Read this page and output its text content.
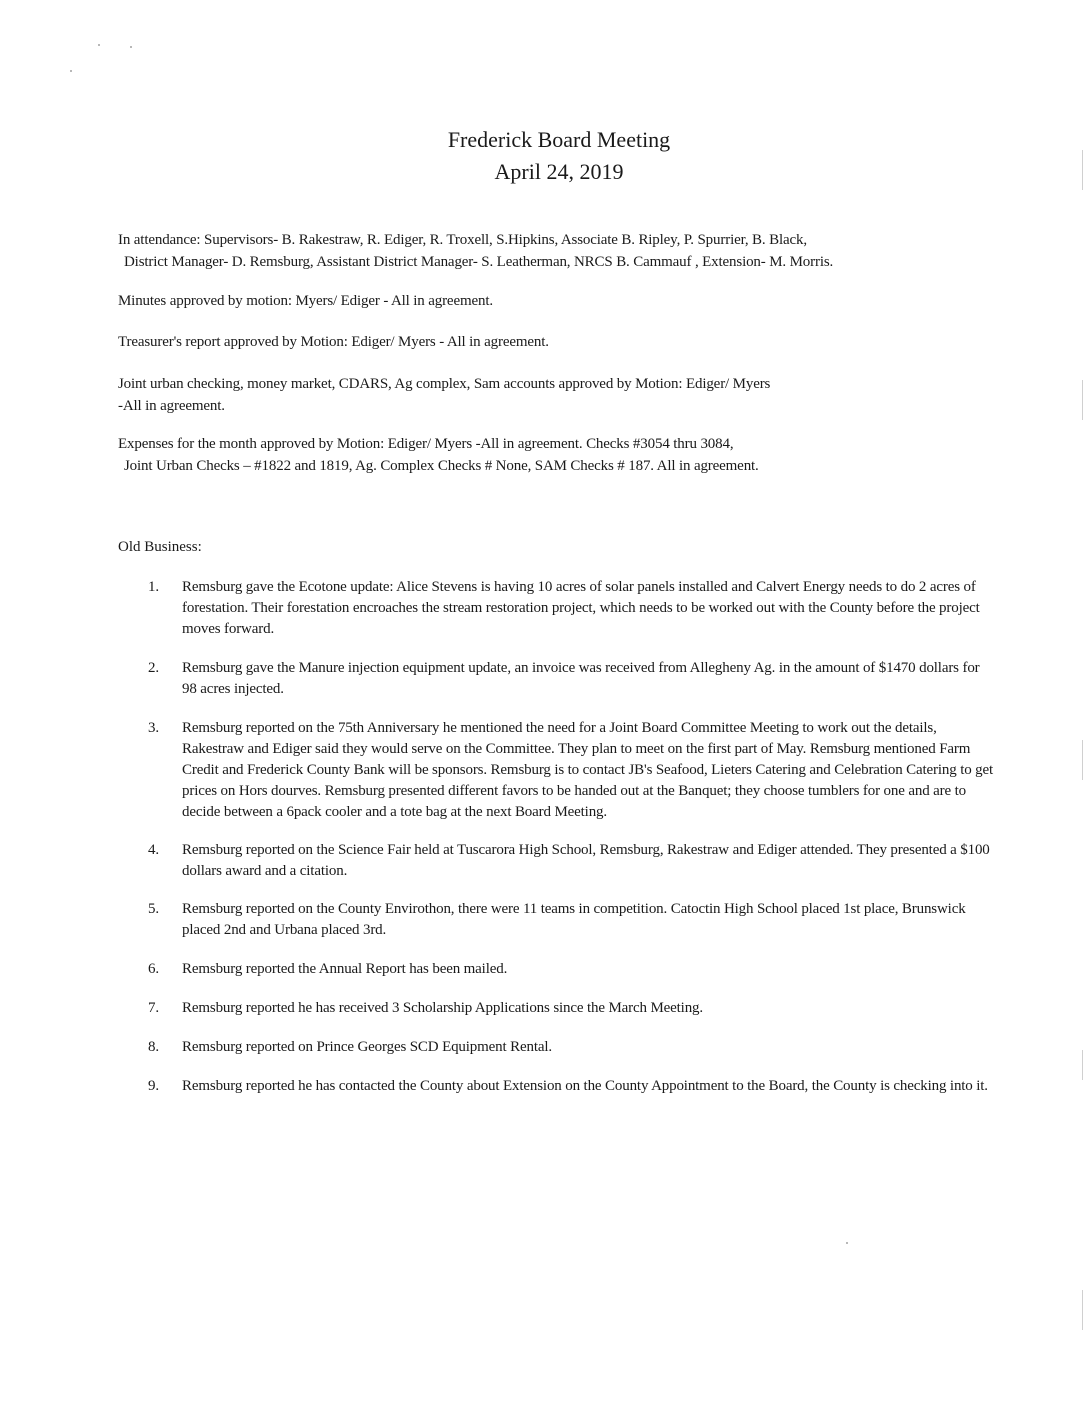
Frederick Board Meeting
April 24, 2019
In attendance: Supervisors- B. Rakestraw, R. Ediger, R. Troxell, S.Hipkins, Associate B. Ripley, P. Spurrier, B. Black,
District Manager- D. Remsburg, Assistant District Manager- S. Leatherman, NRCS B. Cammauf , Extension- M. Morris.
Minutes approved by motion: Myers/ Ediger - All in agreement.
Treasurer's report approved by Motion: Ediger/ Myers - All in agreement.
Joint urban checking, money market, CDARS, Ag complex, Sam accounts approved by Motion: Ediger/ Myers
-All in agreement.
Expenses for the month approved by Motion: Ediger/ Myers -All in agreement. Checks #3054 thru 3084,
Joint Urban Checks – #1822 and 1819, Ag. Complex Checks # None, SAM Checks # 187. All in agreement.
Old Business:
1.	Remsburg gave the Ecotone update: Alice Stevens is having 10 acres of solar panels installed and Calvert Energy needs to do 2 acres of forestation. Their forestation encroaches the stream restoration project, which needs to be worked out with the County before the project moves forward.
2.	Remsburg gave the Manure injection equipment update, an invoice was received from Allegheny Ag. in the amount of $1470 dollars for 98 acres injected.
3.	Remsburg reported on the 75th Anniversary he mentioned the need for a Joint Board Committee Meeting to work out the details, Rakestraw and Ediger said they would serve on the Committee. They plan to meet on the first part of May. Remsburg mentioned Farm Credit and Frederick County Bank will be sponsors. Remsburg is to contact JB's Seafood, Lieters Catering and Celebration Catering to get prices on Hors dourves. Remsburg presented different favors to be handed out at the Banquet; they choose tumblers for one and are to decide between a 6pack cooler and a tote bag at the next Board Meeting.
4.	Remsburg reported on the Science Fair held at Tuscarora High School, Remsburg, Rakestraw and Ediger attended. They presented a $100 dollars award and a citation.
5.	Remsburg reported on the County Envirothon, there were 11 teams in competition. Catoctin High School placed 1st place, Brunswick placed 2nd and Urbana placed 3rd.
6.	Remsburg reported the Annual Report has been mailed.
7.	Remsburg reported he has received 3 Scholarship Applications since the March Meeting.
8.	Remsburg reported on Prince Georges SCD Equipment Rental.
9.	Remsburg reported he has contacted the County about Extension on the County Appointment to the Board, the County is checking into it.
